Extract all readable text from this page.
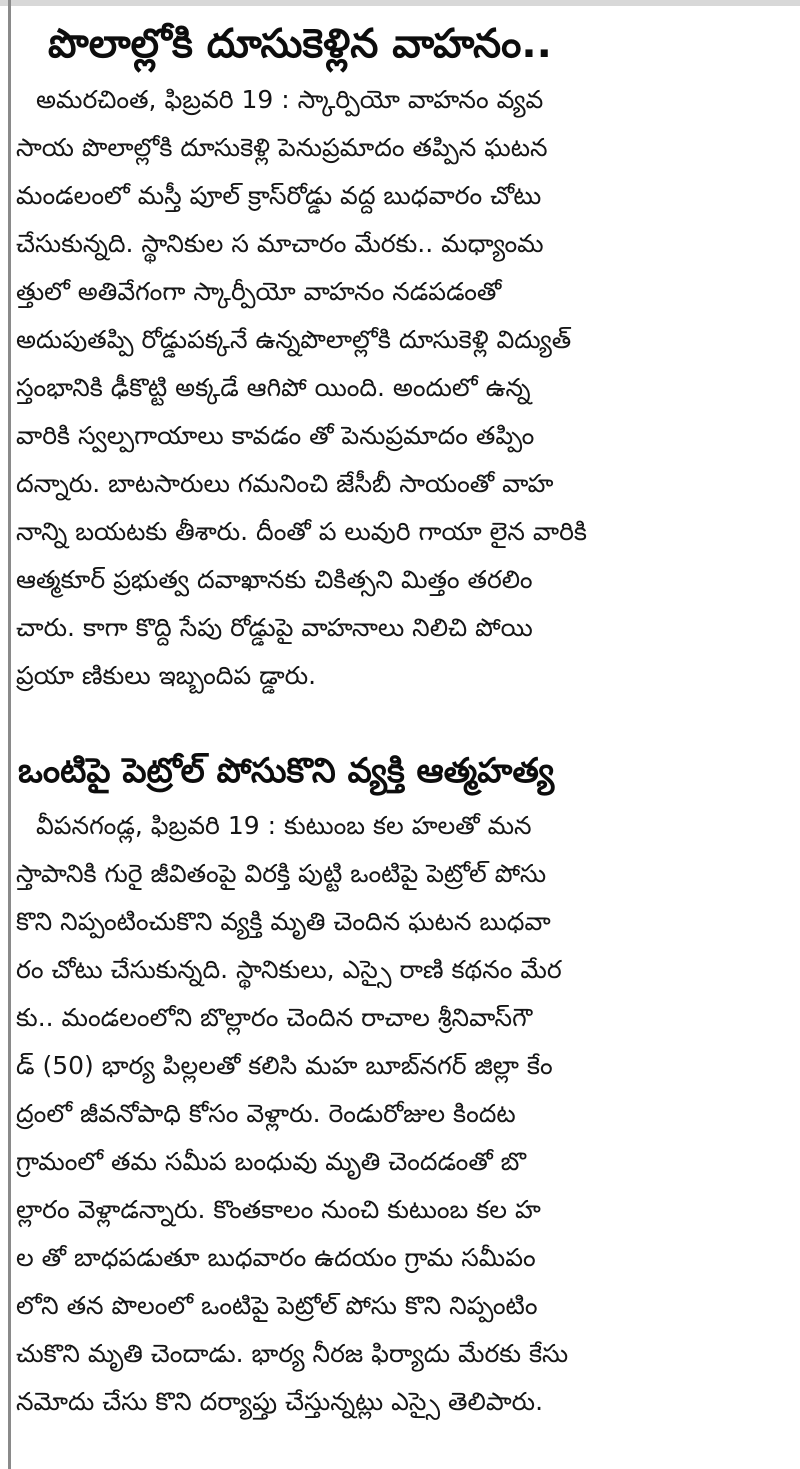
పొలాల్లోకి దూసుకెళ్లిన వాహనం..

అమరచింత, ఫిబ్రవరి 19 : స్కార్పియో వాహనం వ్యవ

సాయ పొలాల్లోకి దూసుకెళ్లి పెనుప్రమాదం తప్పిన ఘటన

మండలంలో మస్తీ పూల్ క్రాస్‌రోడ్డు వద్ద బుధవారం చోటు

చేసుకున్నది. స్థానికుల స మాచారం మేరకు.. మధ్యాంమ

త్తులో అతివేగంగా స్కార్పీయో వాహనం నడపడంతో

అదుపుతప్పి రోడ్డుపక్కనే ఉన్నపొలాల్లోకి దూసుకెళ్లి విద్యుత్

స్తంభానికి ఢీకొట్టి అక్కడే ఆగిపో యింది. అందులో ఉన్న

వారికి స్వల్పగాయాలు కావడం తో పెనుప్రమాదం తప్పిం

దన్నారు. బాటసారులు గమనించి జేసీబీ సాయంతో వాహ

నాన్ని బయటకు తీశారు. దీంతో ప లువురి గాయా లైన వారికి

ఆత్మకూర్ ప్రభుత్వ దవాఖానకు చికిత్సని మిత్తం తరలిం

చారు. కాగా కొద్ది సేపు రోడ్డుపై వాహనాలు నిలిచి పోయి

ప్రయా ణికులు ఇబ్బందిప డ్డారు.

ఒంటిపై పెట్రోల్ పోసుకొని వ్యక్తి ఆత్మహత్య

వీపనగండ్ల, ఫిబ్రవరి 19 : కుటుంబ కల హలతో మన

స్తాపానికి గురై జీవితంపై విరక్తి పుట్టి ఒంటిపై పెట్రోల్ పోసు

కొని నిప్పంటించుకొని వ్యక్తి మృతి చెందిన ఘటన బుధవా

రం చోటు చేసుకున్నది. స్థానికులు, ఎస్సై రాణి కథనం మేర

కు.. మండలంలోని బొల్లారం చెందిన రాచాల శ్రీనివాస్‌గౌ

డ్ (50) భార్య పిల్లలతో కలిసి మహ బూబ్‌నగర్ జిల్లా కేం

ద్రంలో జీవనోపాధి కోసం వెళ్లారు. రెండురోజుల కిందట

గ్రామంలో తమ సమీప బంధువు మృతి చెందడంతో బొ

ల్లారం వెళ్లాడన్నారు. కొంతకాలం నుంచి కుటుంబ కల హ

ల తో బాధపడుతూ బుధవారం ఉదయం గ్రామ సమీపం

లోని తన పొలంలో ఒంటిపై పెట్రోల్ పోసు కొని నిప్పంటిం

చుకొని మృతి చెందాడు. భార్య నీరజ ఫిర్యాదు మేరకు కేసు

నమోదు చేసు కొని దర్యాప్తు చేస్తున్నట్లు ఎస్సై తెలిపారు.
